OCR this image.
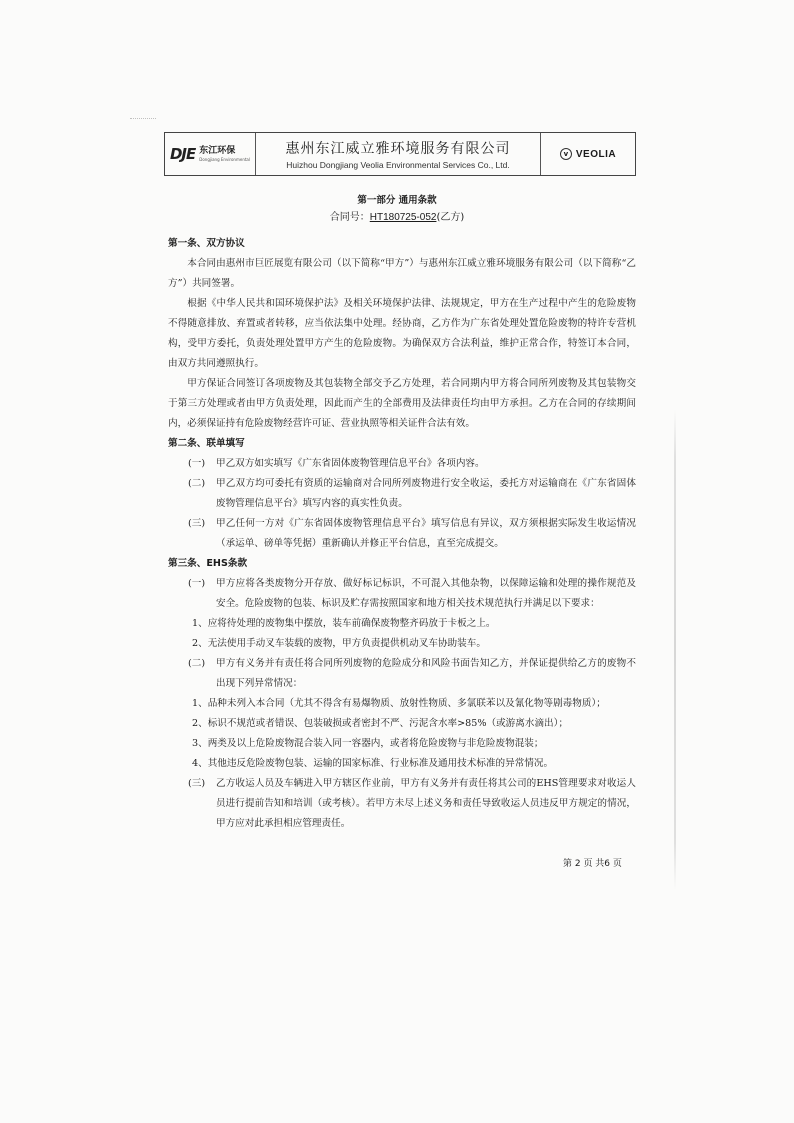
DJE 东江环保
Dongjiang Environmental
惠州东江威立雅环境服务有限公司
Huizhou Dongjiang Veolia Environmental Services Co., Ltd.
v VEOLIA
第一部分 通用条款
合同号：HT180725-052(乙方)

第一条、双方协议

本合同由惠州市巨匠展览有限公司（以下简称“甲方”）与惠州东江威立雅环境服务有限公司（以下简称“乙方”）共同签署。

根据《中华人民共和国环境保护法》及相关环境保护法律、法规规定，甲方在生产过程中产生的危险废物不得随意排放、弃置或者转移，应当依法集中处理。经协商，乙方作为广东省处理处置危险废物的特许专营机构，受甲方委托，负责处理处置甲方产生的危险废物。为确保双方合法利益，维护正常合作，特签订本合同，由双方共同遵照执行。

甲方保证合同签订各项废物及其包装物全部交予乙方处理，若合同期内甲方将合同所列废物及其包装物交于第三方处理或者由甲方负责处理，因此而产生的全部费用及法律责任均由甲方承担。乙方在合同的存续期间内，必须保证持有危险废物经营许可证、营业执照等相关证件合法有效。

第二条、联单填写

(一)	甲乙双方如实填写《广东省固体废物管理信息平台》各项内容。
(二)	甲乙双方均可委托有资质的运输商对合同所列废物进行安全收运，委托方对运输商在《广东省固体废物管理信息平台》填写内容的真实性负责。
(三)	甲乙任何一方对《广东省固体废物管理信息平台》填写信息有异议，双方须根据实际发生收运情况（承运单、磅单等凭据）重新确认并修正平台信息，直至完成提交。

第三条、EHS条款

(一)	甲方应将各类废物分开存放、做好标记标识，不可混入其他杂物，以保障运输和处理的操作规范及安全。危险废物的包装、标识及贮存需按照国家和地方相关技术规范执行并满足以下要求：

1、应将待处理的废物集中摆放，装车前确保废物整齐码放于卡板之上。

2、无法使用手动叉车装载的废物，甲方负责提供机动叉车协助装车。

(二)	甲方有义务并有责任将合同所列废物的危险成分和风险书面告知乙方，并保证提供给乙方的废物不出现下列异常情况：

1、品种未列入本合同（尤其不得含有易爆物质、放射性物质、多氯联苯以及氰化物等剧毒物质）；

2、标识不规范或者错误、包装破损或者密封不严、污泥含水率>85%（或游离水滴出）；

3、两类及以上危险废物混合装入同一容器内，或者将危险废物与非危险废物混装；

4、其他违反危险废物包装、运输的国家标准、行业标准及通用技术标准的异常情况。

(三)	乙方收运人员及车辆进入甲方辖区作业前，甲方有义务并有责任将其公司的EHS管理要求对收运人员进行提前告知和培训（或考核）。若甲方未尽上述义务和责任导致收运人员违反甲方规定的情况，甲方应对此承担相应管理责任。
第 2 页 共6 页
